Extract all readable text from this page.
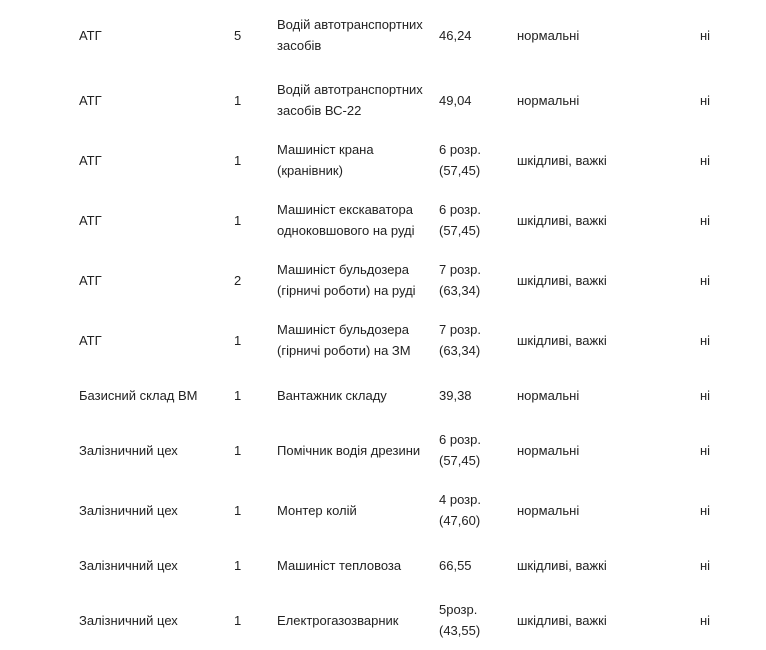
АТГ	5	Водій автотранспортних засобів	46,24	нормальні	ні
АТГ	1	Водій автотранспортних засобів ВС-22	49,04	нормальні	ні
АТГ	1	Машиніст крана (кранівник)	6 розр. (57,45)	шкідливі, важкі	ні
АТГ	1	Машиніст екскаватора одноковшового на руді	6 розр. (57,45)	шкідливі, важкі	ні
АТГ	2	Машиніст бульдозера (гірничі роботи) на руді	7 розр. (63,34)	шкідливі, важкі	ні
АТГ	1	Машиніст бульдозера (гірничі роботи) на ЗМ	7 розр. (63,34)	шкідливі, важкі	ні
Базисний склад ВМ	1	Вантажник складу	39,38	нормальні	ні
Залізничний цех	1	Помічник водія дрезини	6 розр. (57,45)	нормальні	ні
Залізничний цех	1	Монтер колій	4 розр. (47,60)	нормальні	ні
Залізничний цех	1	Машиніст тепловоза	66,55	шкідливі, важкі	ні
Залізничний цех	1	Електрогазозварник	5розр. (43,55)	шкідливі, важкі	ні
